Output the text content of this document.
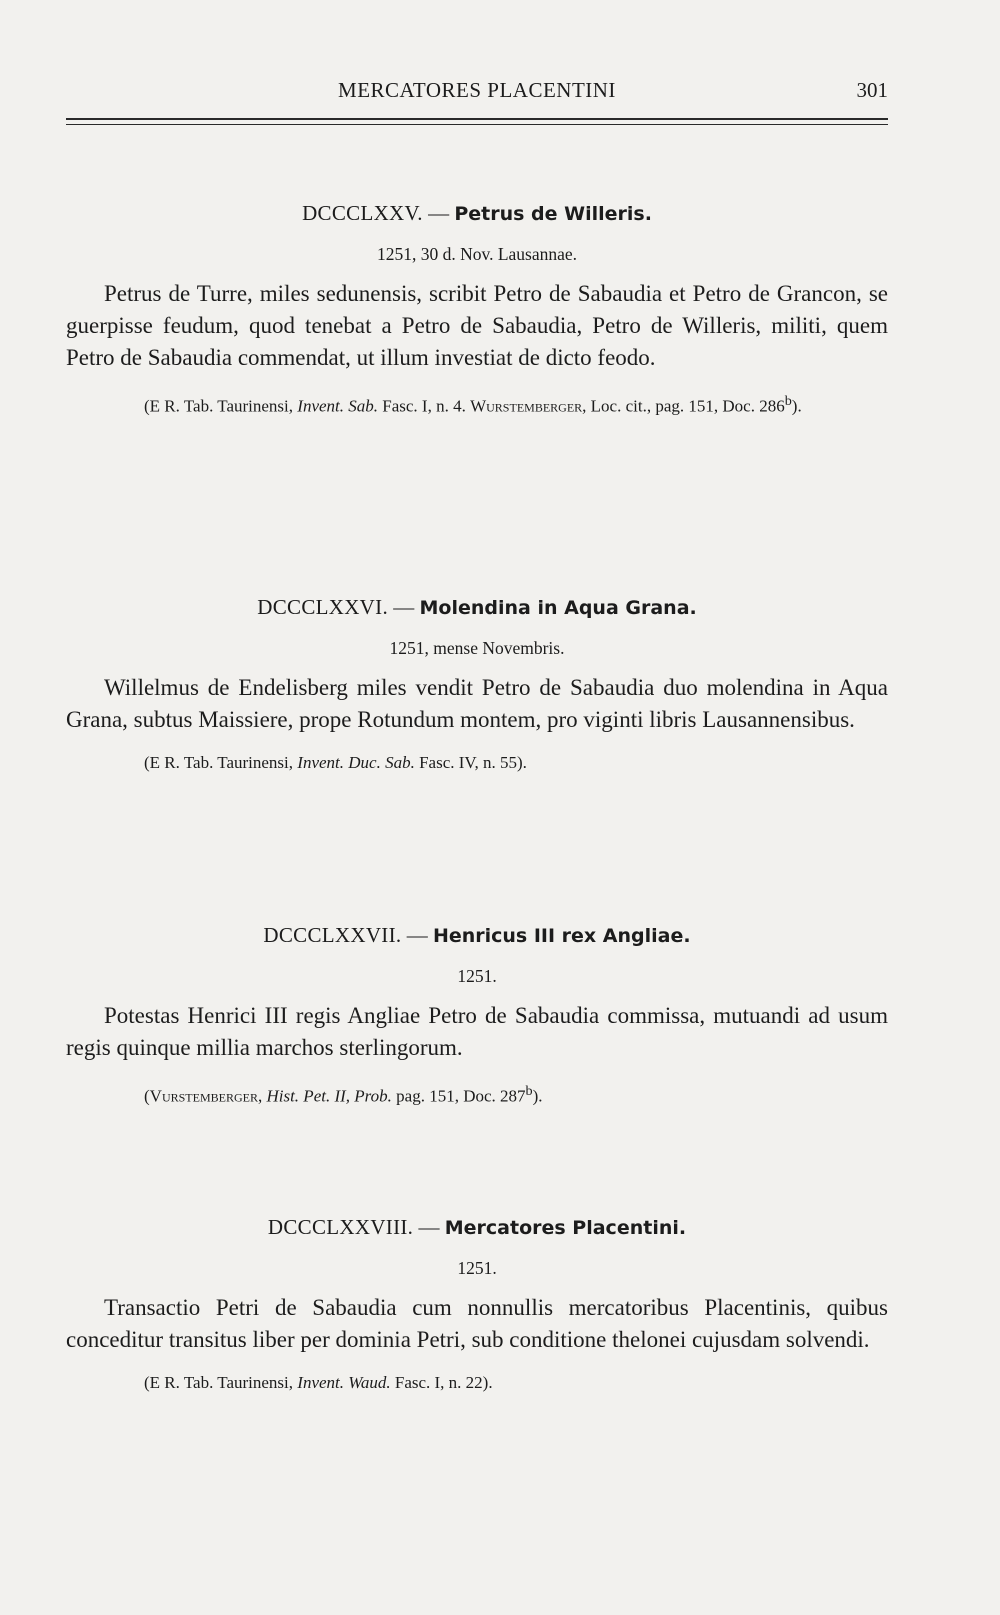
MERCATORES PLACENTINI	301
DCCCLXXV. — Petrus de Willeris.
1251, 30 d. Nov. Lausannae.
Petrus de Turre, miles sedunensis, scribit Petro de Sabaudia et Petro de Grancon, se guerpisse feudum, quod tenebat a Petro de Sabaudia, Petro de Willeris, militi, quem Petro de Sabaudia commendat, ut illum investiat de dicto feodo.
(E R. Tab. Taurinensi, Invent. Sab. Fasc. I, n. 4. Wurstemberger, Loc. cit., pag. 151, Doc. 286$^b$).
DCCCLXXVI. — Molendina in Aqua Grana.
1251, mense Novembris.
Willelmus de Endelisberg miles vendit Petro de Sabaudia duo molendina in Aqua Grana, subtus Maissiere, prope Rotundum montem, pro viginti libris Lausannensibus.
(E R. Tab. Taurinensi, Invent. Duc. Sab. Fasc. IV, n. 55).
DCCCLXXVII. — Henricus III rex Angliae.
1251.
Potestas Henrici III regis Angliae Petro de Sabaudia commissa, mutuandi ad usum regis quinque millia marchos sterlingorum.
(Vurstemberger, Hist. Pet. II, Prob. pag. 151, Doc. 287$^b$).
DCCCLXXVIII. — Mercatores Placentini.
1251.
Transactio Petri de Sabaudia cum nonnullis mercatoribus Placentinis, quibus conceditur transitus liber per dominia Petri, sub conditione thelonei cujusdam solvendi.
(E R. Tab. Taurinensi, Invent. Waud. Fasc. I, n. 22).
